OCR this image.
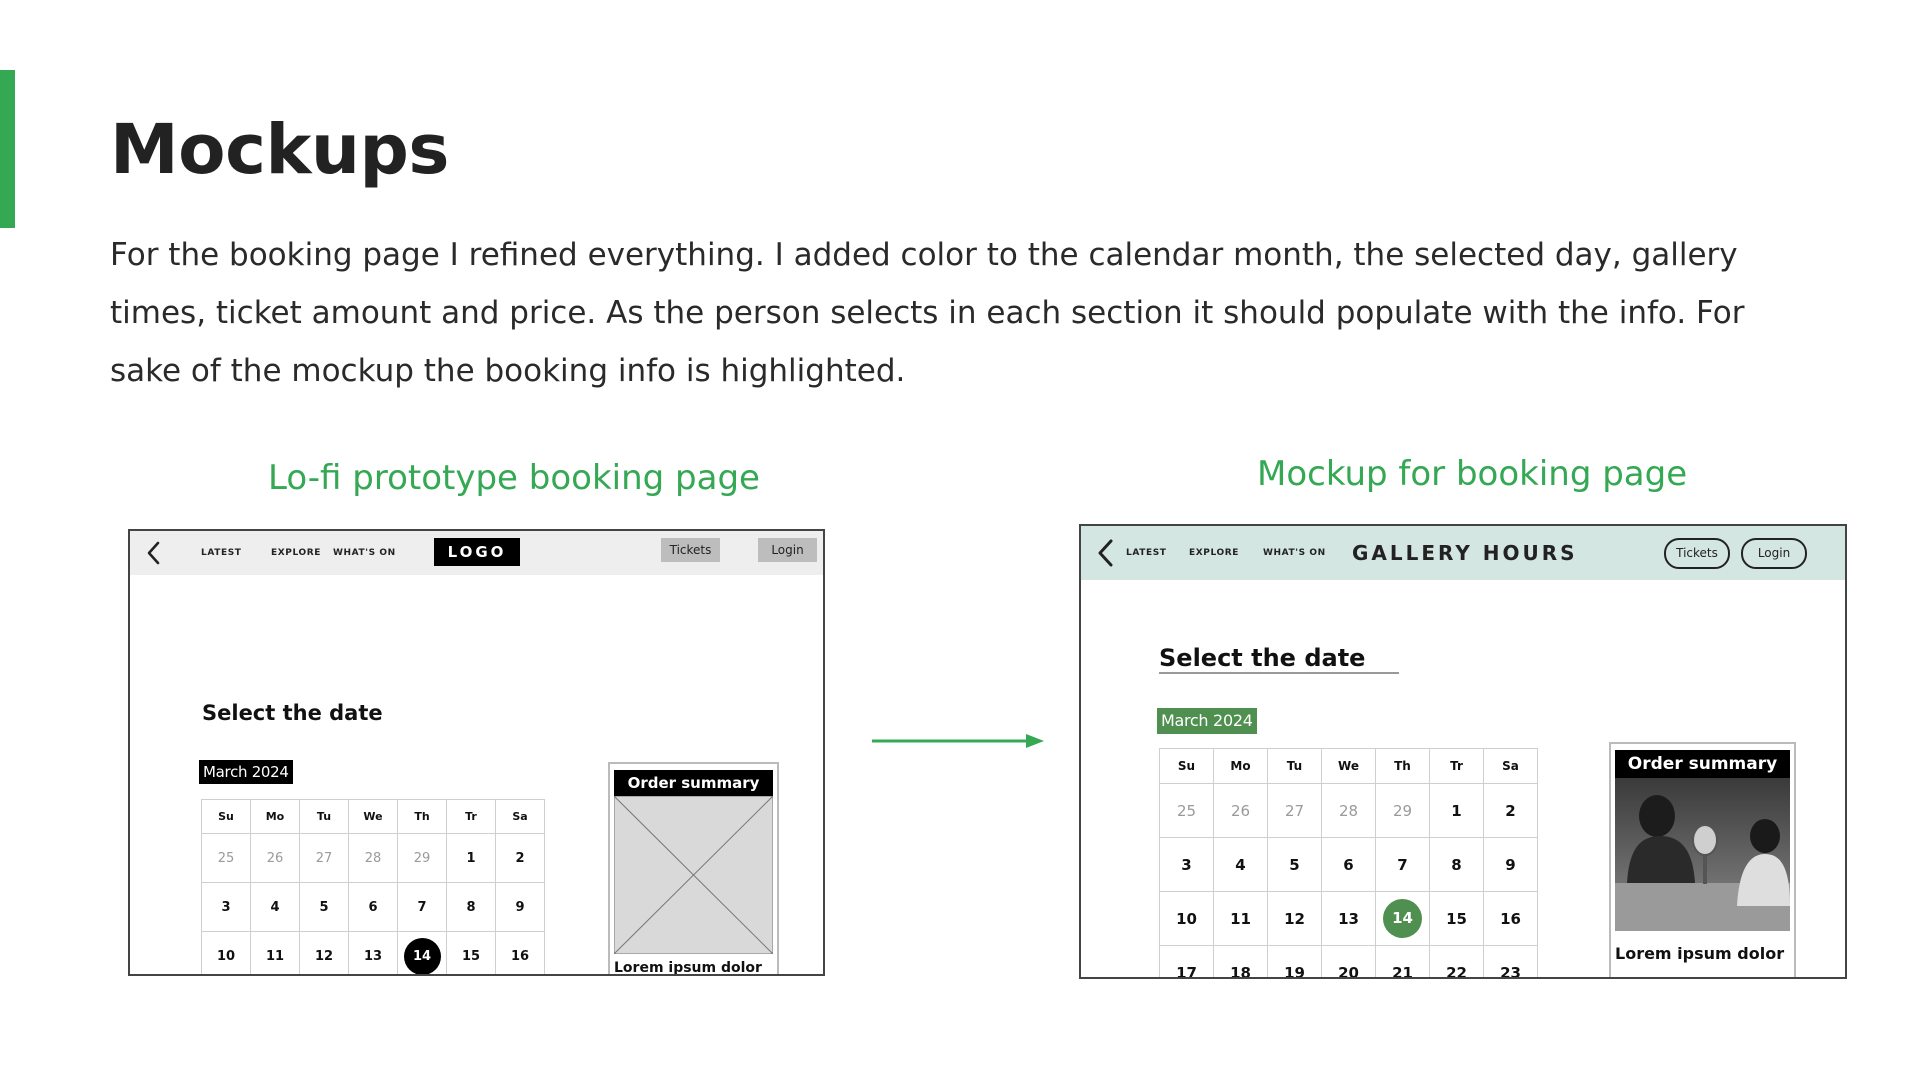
Mockups

For the booking page I refined everything. I added color to the calendar month, the selected day, gallery times, ticket amount and price. As the person selects in each section it should populate with the info. For sake of the mockup the booking info is highlighted.

Lo-fi prototype booking page	Mockup for booking page
LATEST	EXPLORE WHAT'S ON	LOGO	Tickets	Login
Select the date
March 2024
Su	Mo	Tu	We	Th	Tr	Sa
25	26	27	28	29	1	2
3	4	5	6	7	8	9
10	11	12	13	14	15	16
Order summary
Lorem ipsum dolor
LATEST EXPLORE	WHAT'S ON GALLERY HOURS	Tickets	Login
Select the date
March 2024
Su	Mo	Tu	We	Th	Tr	Sa
25	26	27	28	29	1	2
3	4	5	6	7	8	9
10	11	12	13	14	15	16
17	18	19	20	21	22	23
Order summary
Lorem ipsum dolor
